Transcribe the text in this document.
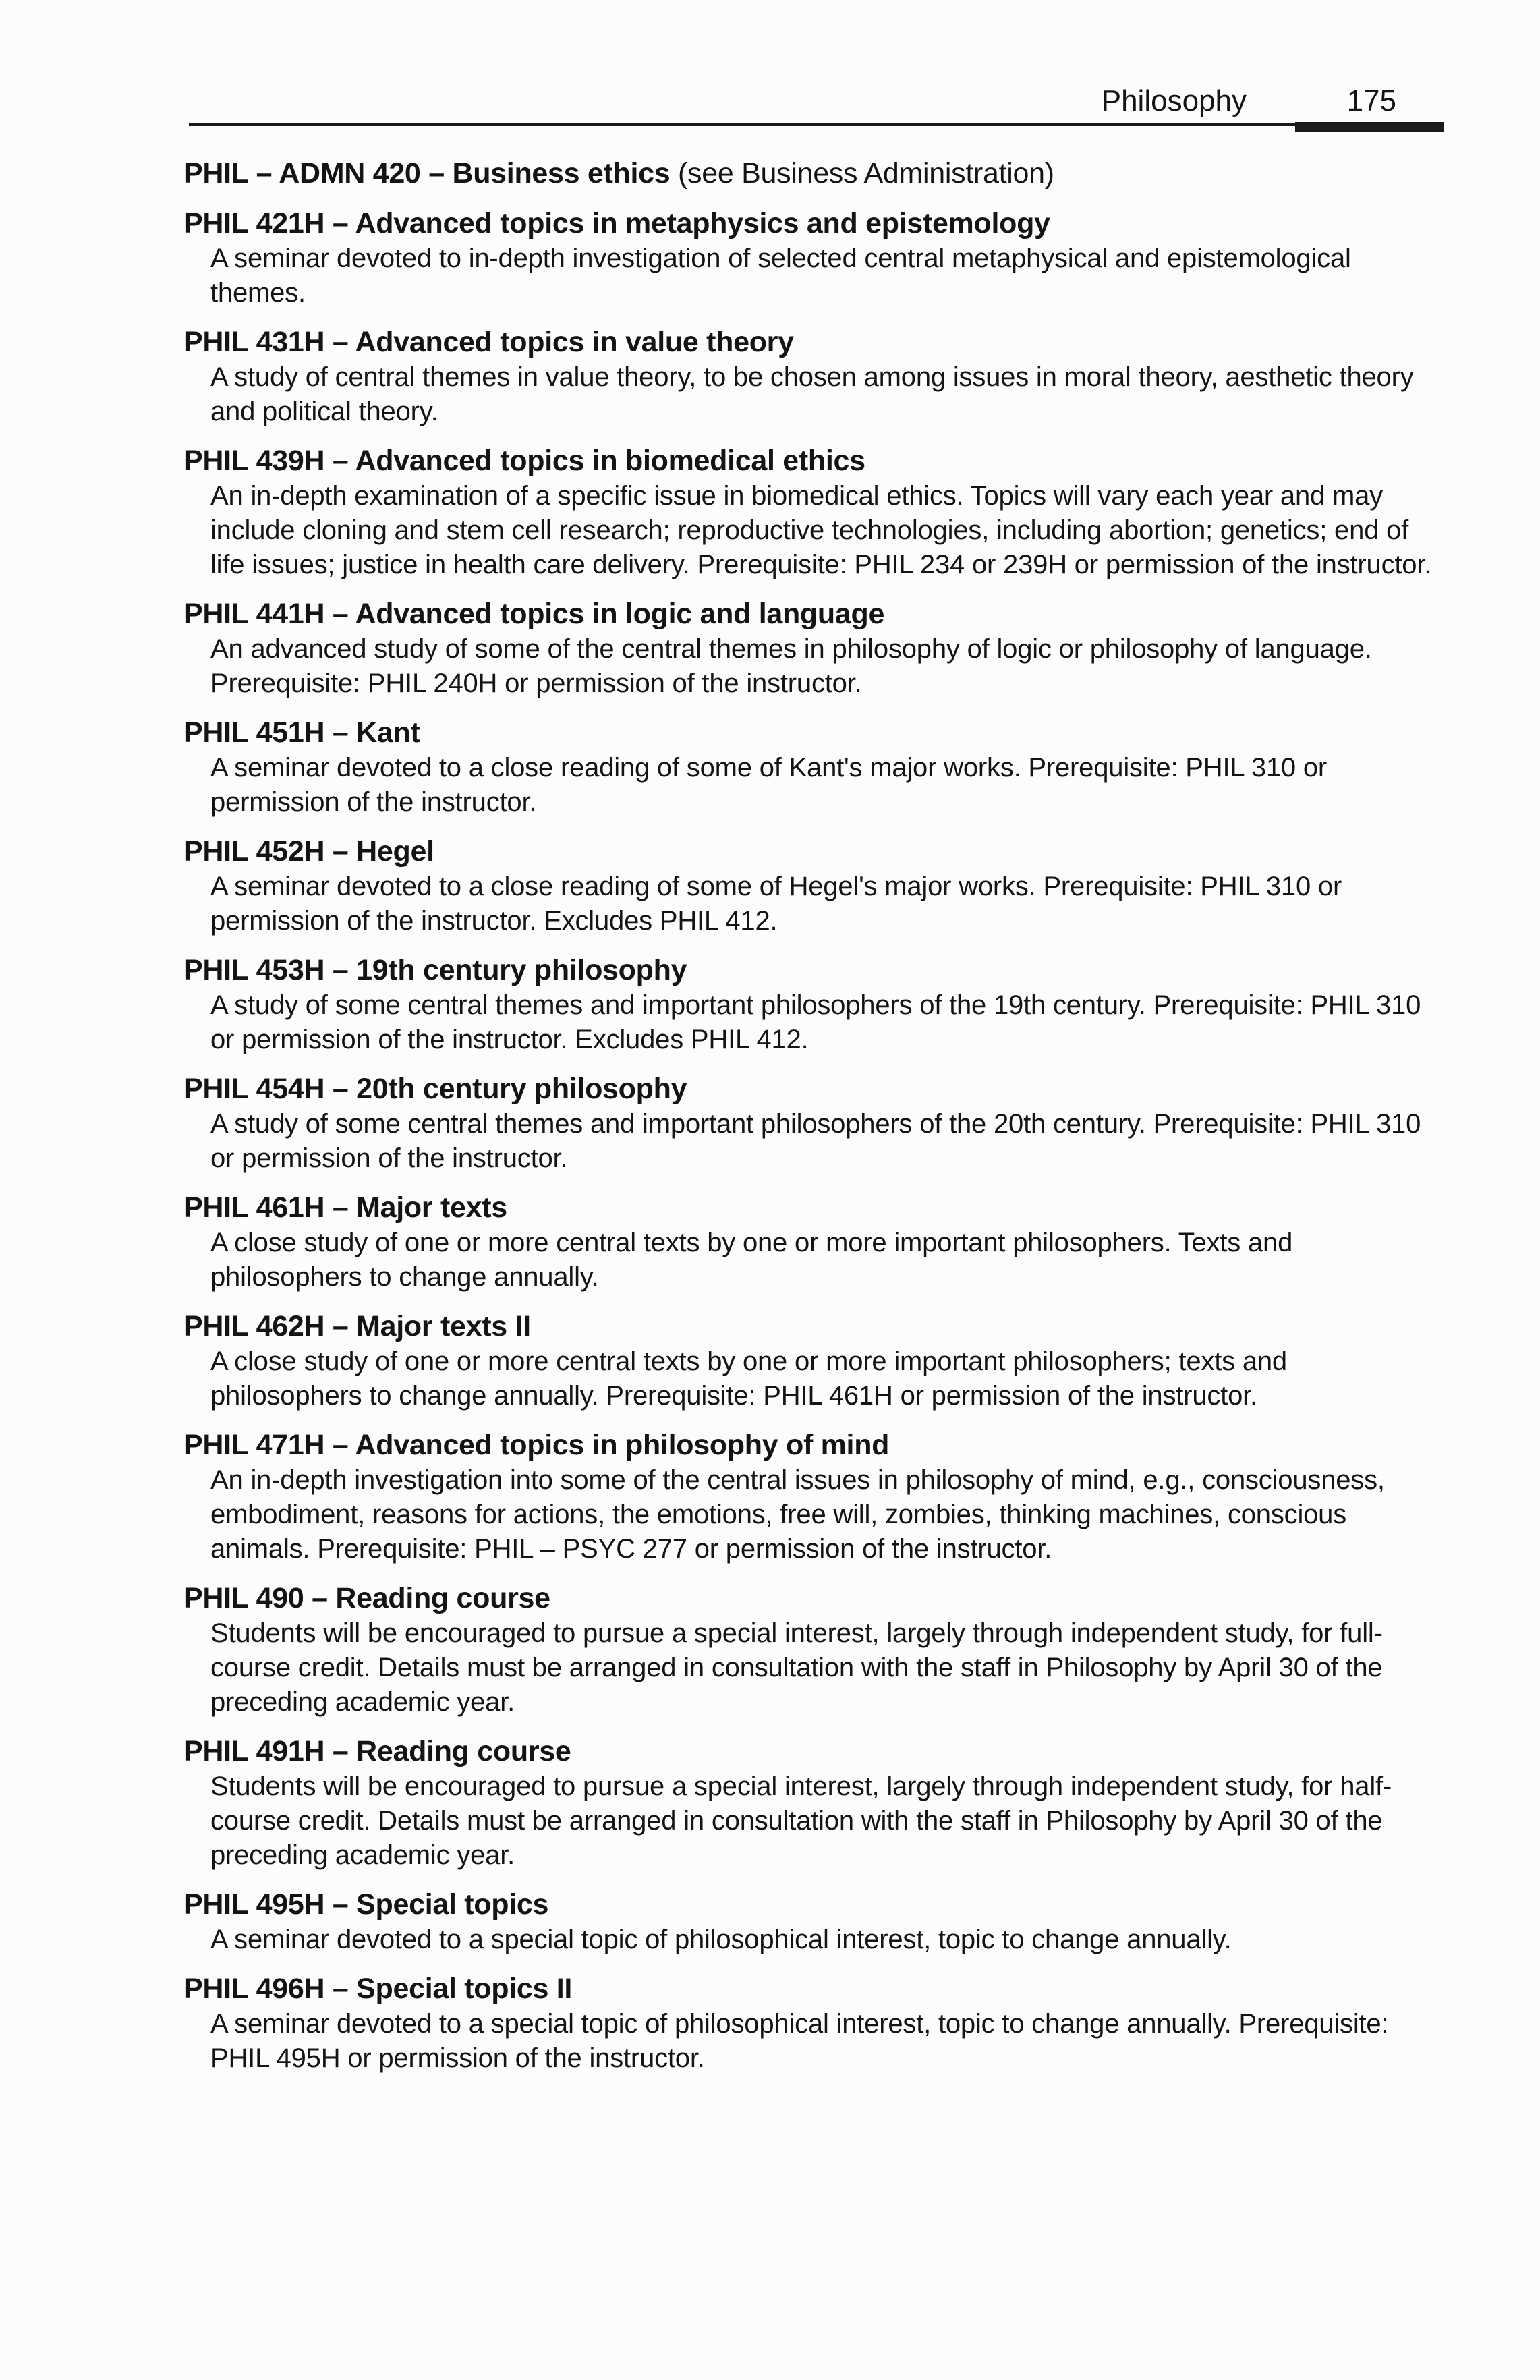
Philosophy	175
PHIL – ADMN 420 – Business ethics (see Business Administration)
PHIL 421H – Advanced topics in metaphysics and epistemology
A seminar devoted to in-depth investigation of selected central metaphysical and epistemological themes.
PHIL 431H – Advanced topics in value theory
A study of central themes in value theory, to be chosen among issues in moral theory, aesthetic theory and political theory.
PHIL 439H – Advanced topics in biomedical ethics
An in-depth examination of a specific issue in biomedical ethics. Topics will vary each year and may include cloning and stem cell research; reproductive technologies, including abortion; genetics; end of life issues; justice in health care delivery. Prerequisite: PHIL 234 or 239H or permission of the instructor.
PHIL 441H – Advanced topics in logic and language
An advanced study of some of the central themes in philosophy of logic or philosophy of language. Prerequisite: PHIL 240H or permission of the instructor.
PHIL 451H – Kant
A seminar devoted to a close reading of some of Kant's major works. Prerequisite: PHIL 310 or permission of the instructor.
PHIL 452H – Hegel
A seminar devoted to a close reading of some of Hegel's major works. Prerequisite: PHIL 310 or permission of the instructor. Excludes PHIL 412.
PHIL 453H – 19th century philosophy
A study of some central themes and important philosophers of the 19th century. Prerequisite: PHIL 310 or permission of the instructor. Excludes PHIL 412.
PHIL 454H – 20th century philosophy
A study of some central themes and important philosophers of the 20th century. Prerequisite: PHIL 310 or permission of the instructor.
PHIL 461H – Major texts
A close study of one or more central texts by one or more important philosophers. Texts and philosophers to change annually.
PHIL 462H – Major texts II
A close study of one or more central texts by one or more important philosophers; texts and philosophers to change annually. Prerequisite: PHIL 461H or permission of the instructor.
PHIL 471H – Advanced topics in philosophy of mind
An in-depth investigation into some of the central issues in philosophy of mind, e.g., consciousness, embodiment, reasons for actions, the emotions, free will, zombies, thinking machines, conscious animals. Prerequisite: PHIL – PSYC 277 or permission of the instructor.
PHIL 490 – Reading course
Students will be encouraged to pursue a special interest, largely through independent study, for full-course credit. Details must be arranged in consultation with the staff in Philosophy by April 30 of the preceding academic year.
PHIL 491H – Reading course
Students will be encouraged to pursue a special interest, largely through independent study, for half-course credit. Details must be arranged in consultation with the staff in Philosophy by April 30 of the preceding academic year.
PHIL 495H – Special topics
A seminar devoted to a special topic of philosophical interest, topic to change annually.
PHIL 496H – Special topics II
A seminar devoted to a special topic of philosophical interest, topic to change annually. Prerequisite: PHIL 495H or permission of the instructor.
